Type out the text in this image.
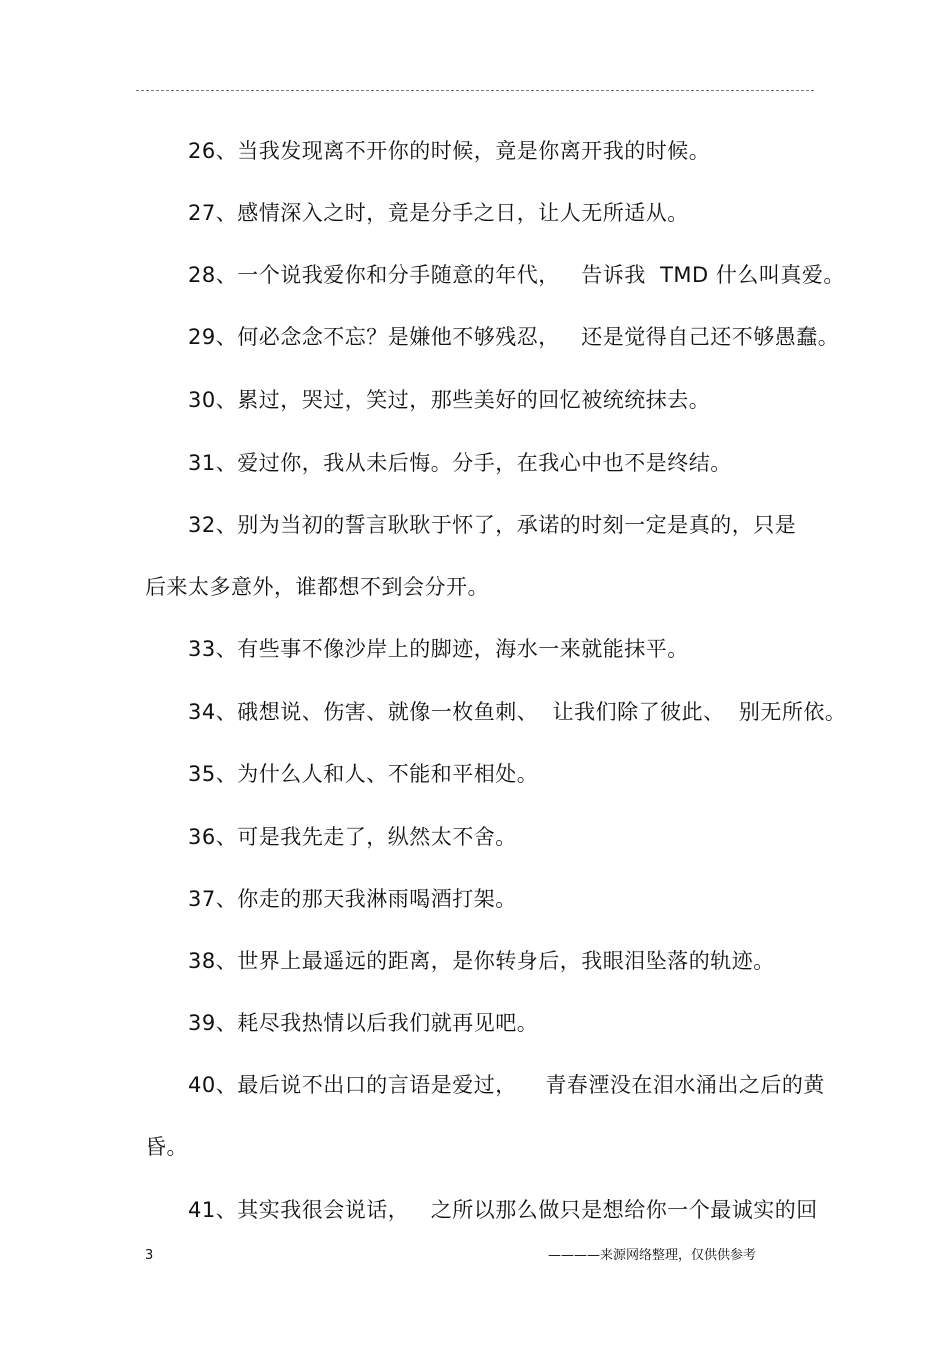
26、当我发现离不开你的时候，竟是你离开我的时候。
27、感情深入之时，竟是分手之日，让人无所适从。
28、一个说我爱你和分手随意的年代，   告诉我  TMD 什么叫真爱。
29、何必念念不忘？是嫌他不够残忍，   还是觉得自己还不够愚蠢。
30、累过，哭过，笑过，那些美好的回忆被统统抹去。
31、爱过你，我从未后悔。分手，在我心中也不是终结。
32、别为当初的誓言耿耿于怀了，承诺的时刻一定是真的，只是
后来太多意外，谁都想不到会分开。
33、有些事不像沙岸上的脚迹，海水一来就能抹平。
34、硪想说、伤害、就像一枚鱼刺、  让我们除了彼此、  别无所依。
35、为什么人和人、不能和平相处。
36、可是我先走了，纵然太不舍。
37、你走的那天我淋雨喝酒打架。
38、世界上最遥远的距离，是你转身后，我眼泪坠落的轨迹。
39、耗尽我热情以后我们就再见吧。
40、最后说不出口的言语是爱过，    青春湮没在泪水涌出之后的黄
昏。
41、其实我很会说话，   之所以那么做只是想给你一个最诚实的回
3	————来源网络整理，仅供供参考
